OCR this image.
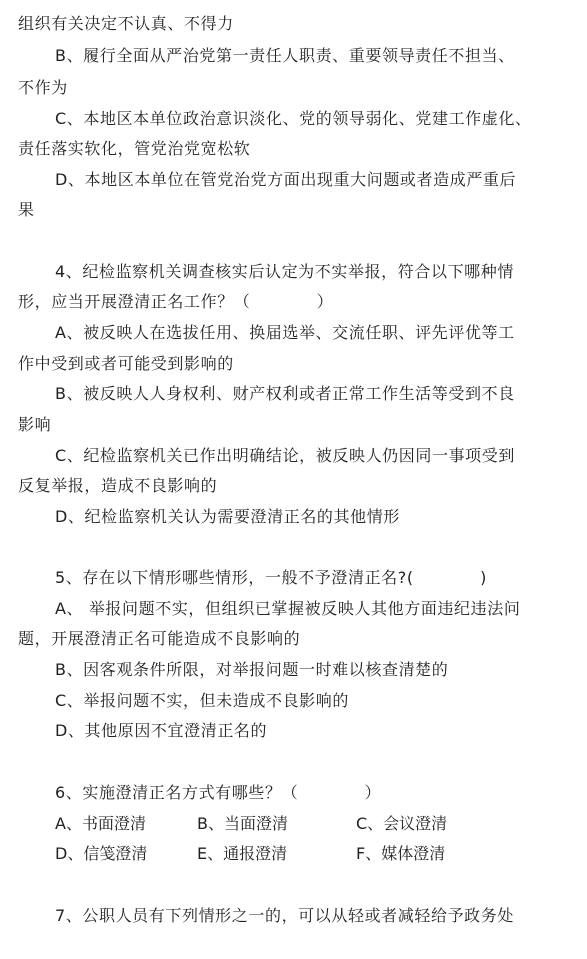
组织有关决定不认真、不得力
B、履行全面从严治党第一责任人职责、重要领导责任不担当、
不作为
C、本地区本单位政治意识淡化、党的领导弱化、党建工作虚化、
责任落实软化，管党治党宽松软
D、本地区本单位在管党治党方面出现重大问题或者造成严重后
果
4、纪检监察机关调查核实后认定为不实举报，符合以下哪种情
形，应当开展澄清正名工作？（　　　　）
A、被反映人在选拔任用、换届选举、交流任职、评先评优等工
作中受到或者可能受到影响的
B、被反映人人身权利、财产权利或者正常工作生活等受到不良
影响
C、纪检监察机关已作出明确结论，被反映人仍因同一事项受到
反复举报，造成不良影响的
D、纪检监察机关认为需要澄清正名的其他情形
5、存在以下情形哪些情形，一般不予澄清正名?(　　　　)
A、 举报问题不实，但组织已掌握被反映人其他方面违纪违法问
题，开展澄清正名可能造成不良影响的
B、因客观条件所限，对举报问题一时难以核查清楚的
C、举报问题不实，但未造成不良影响的
D、其他原因不宜澄清正名的
6、实施澄清正名方式有哪些？（　　　　）
A、书面澄清	B、当面澄清	C、会议澄清
D、信笺澄清	E、通报澄清	F、媒体澄清
7、公职人员有下列情形之一的，可以从轻或者减轻给予政务处
